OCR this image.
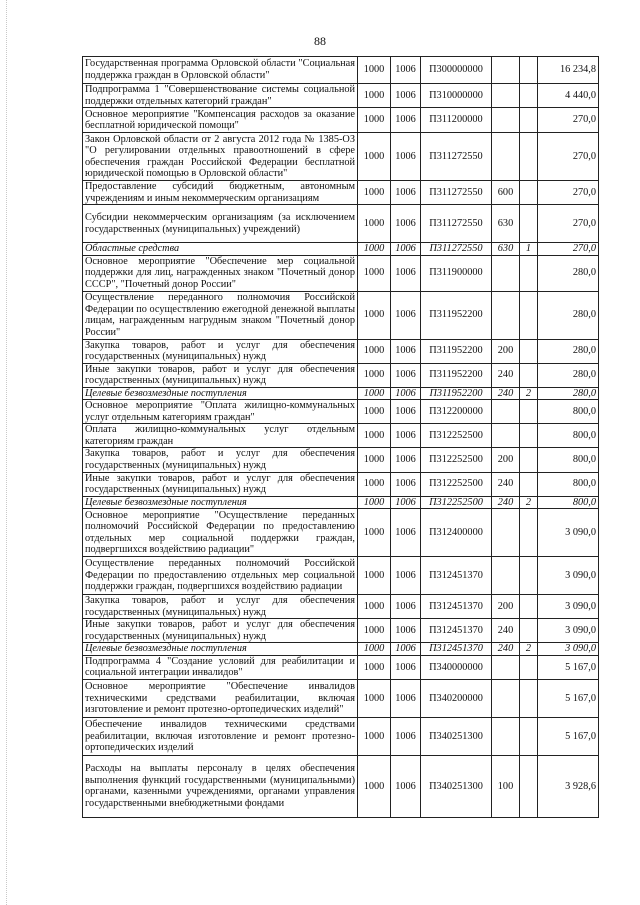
88
Государственная программа Орловской области "Социальная поддержка граждан в Орловской области"	1000	1006	П300000000			16 234,8
Подпрограмма 1 "Совершенствование системы социальной поддержки отдельных категорий граждан"	1000	1006	П310000000			4 440,0
Основное мероприятие "Компенсация расходов за оказание бесплатной юридической помощи"	1000	1006	П311200000			270,0
Закон Орловской области от 2 августа 2012 года № 1385-ОЗ "О регулировании отдельных правоотношений в сфере обеспечения граждан Российской Федерации бесплатной юридической помощью в Орловской области"	1000	1006	П311272550			270,0
Предоставление субсидий бюджетным, автономным учреждениям и иным некоммерческим организациям	1000	1006	П311272550	600		270,0
Субсидии некоммерческим организациям (за исключением государственных (муниципальных) учреждений)	1000	1006	П311272550	630		270,0
Областные средства	1000	1006	П311272550	630	1	270,0
Основное мероприятие "Обеспечение мер социальной поддержки для лиц, награжденных знаком "Почетный донор СССР", "Почетный донор России"	1000	1006	П311900000			280,0
Осуществление переданного полномочия Российской Федерации по осуществлению ежегодной денежной выплаты лицам, награжденным нагрудным знаком "Почетный донор России"	1000	1006	П311952200			280,0
Закупка товаров, работ и услуг для обеспечения государственных (муниципальных) нужд	1000	1006	П311952200	200		280,0
Иные закупки товаров, работ и услуг для обеспечения государственных (муниципальных) нужд	1000	1006	П311952200	240		280,0
Целевые безвозмездные поступления	1000	1006	П311952200	240	2	280,0
Основное мероприятие "Оплата жилищно-коммунальных услуг отдельным категориям граждан"	1000	1006	П312200000			800,0
Оплата жилищно-коммунальных услуг отдельным категориям граждан	1000	1006	П312252500			800,0
Закупка товаров, работ и услуг для обеспечения государственных (муниципальных) нужд	1000	1006	П312252500	200		800,0
Иные закупки товаров, работ и услуг для обеспечения государственных (муниципальных) нужд	1000	1006	П312252500	240		800,0
Целевые безвозмездные поступления	1000	1006	П312252500	240	2	800,0
Основное мероприятие "Осуществление переданных полномочий Российской Федерации по предоставлению отдельных мер социальной поддержки граждан, подвергшихся воздействию радиации"	1000	1006	П312400000			3 090,0
Осуществление переданных полномочий Российской Федерации по предоставлению отдельных мер социальной поддержки граждан, подвергшихся воздействию радиации	1000	1006	П312451370			3 090,0
Закупка товаров, работ и услуг для обеспечения государственных (муниципальных) нужд	1000	1006	П312451370	200		3 090,0
Иные закупки товаров, работ и услуг для обеспечения государственных (муниципальных) нужд	1000	1006	П312451370	240		3 090,0
Целевые безвозмездные поступления	1000	1006	П312451370	240	2	3 090,0
Подпрограмма 4 "Создание условий для реабилитации и социальной интеграции инвалидов"	1000	1006	П340000000			5 167,0
Основное мероприятие "Обеспечение инвалидов техническими средствами реабилитации, включая изготовление и ремонт протезно-ортопедических изделий"	1000	1006	П340200000			5 167,0
Обеспечение инвалидов техническими средствами реабилитации, включая изготовление и ремонт протезно-ортопедических изделий	1000	1006	П340251300			5 167,0
Расходы на выплаты персоналу в целях обеспечения выполнения функций государственными (муниципальными) органами, казенными учреждениями, органами управления государственными внебюджетными фондами	1000	1006	П340251300	100		3 928,6
